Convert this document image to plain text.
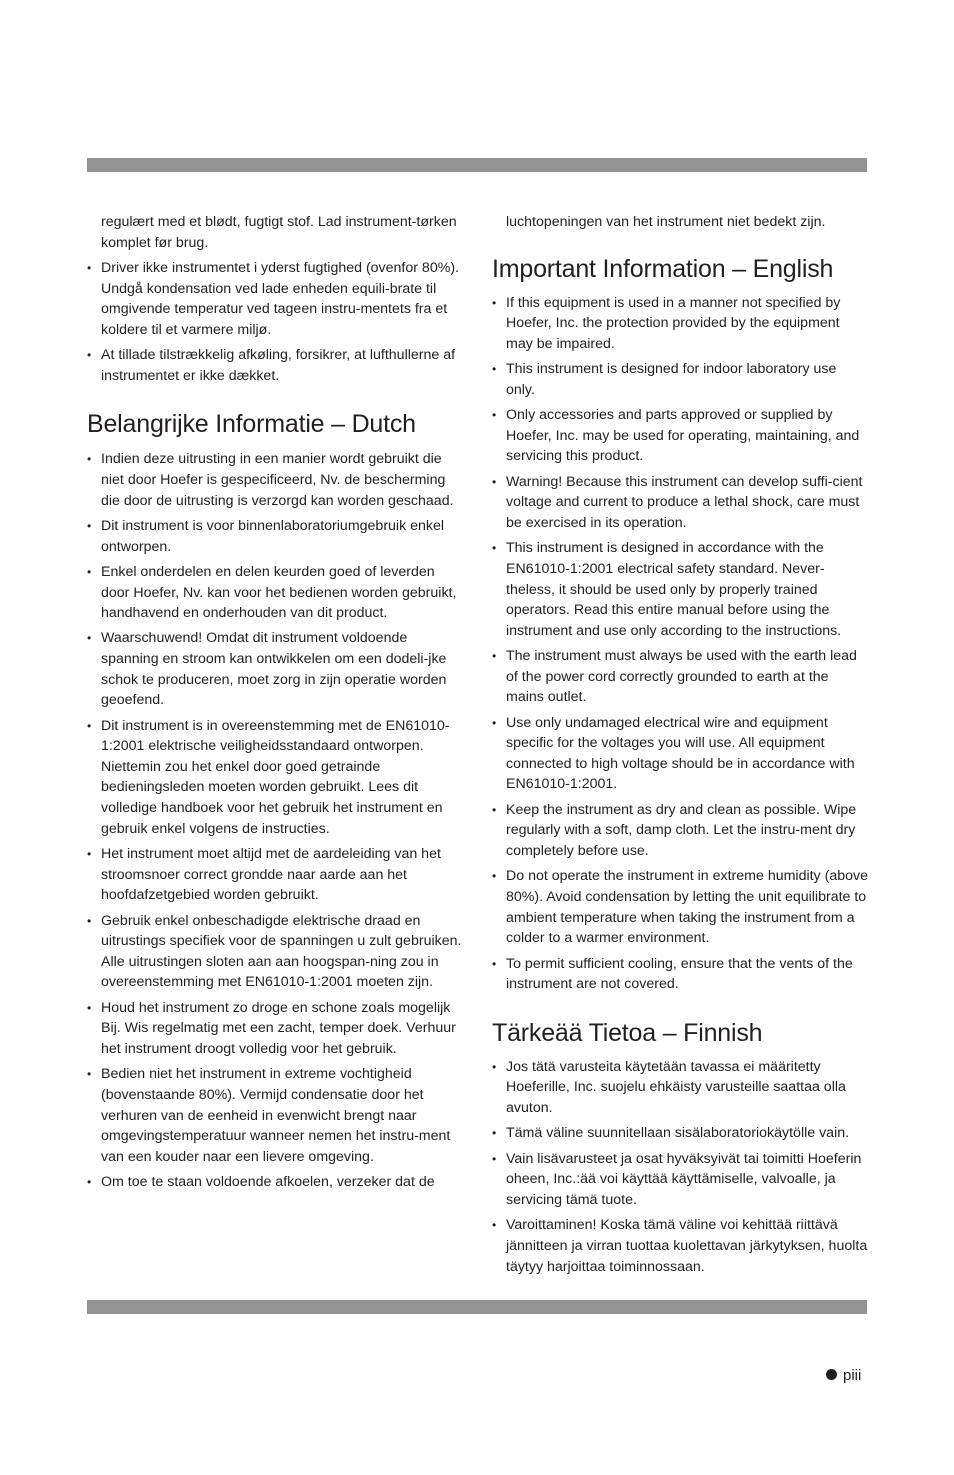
regulært med et blødt, fugtigt stof. Lad instrument-tørken komplet før brug.

• Driver ikke instrumentet i yderst fugtighed (ovenfor 80%). Undgå kondensation ved lade enheden equili-brate til omgivende temperatur ved tageen instru-mentets fra et koldere til et varmere miljø.
• At tillade tilstrækkelig afkøling, forsikrer, at lufthullerne af instrumentet er ikke dækket.
Belangrijke Informatie – Dutch
• Indien deze uitrusting in een manier wordt gebruikt die niet door Hoefer is gespecificeerd, Nv. de bescherming die door de uitrusting is verzorgd kan worden geschaad.
• Dit instrument is voor binnenlaboratoriumgebruik enkel ontworpen.
• Enkel onderdelen en delen keurden goed of leverden door Hoefer, Nv. kan voor het bedienen worden gebruikt, handhavend en onderhouden van dit product.
• Waarschuwend! Omdat dit instrument voldoende spanning en stroom kan ontwikkelen om een dodeli-jke schok te produceren, moet zorg in zijn operatie worden geoefend.
• Dit instrument is in overeenstemming met de EN61010-1:2001 elektrische veiligheidsstandaard ontworpen. Niettemin zou het enkel door goed getrainde bedieningsleden moeten worden gebruikt. Lees dit volledige handboek voor het gebruik het instrument en gebruik enkel volgens de instructies.
• Het instrument moet altijd met de aardeleiding van het stroomsnoer correct grondde naar aarde aan het hoofdafzetgebied worden gebruikt.
• Gebruik enkel onbeschadigde elektrische draad en uitrustings specifiek voor de spanningen u zult gebruiken. Alle uitrustingen sloten aan aan hoogspan-ning zou in overeenstemming met EN61010-1:2001 moeten zijn.
• Houd het instrument zo droge en schone zoals mogelijk Bij. Wis regelmatig met een zacht, temper doek. Verhuur het instrument droogt volledig voor het gebruik.
• Bedien niet het instrument in extreme vochtigheid (bovenstaande 80%). Vermijd condensatie door het verhuren van de eenheid in evenwicht brengt naar omgevingstemperatuur wanneer nemen het instru-ment van een kouder naar een lievere omgeving.
• Om toe te staan voldoende afkoelen, verzeker dat de

luchtopeningen van het instrument niet bedekt zijn.

Important Information – English
• If this equipment is used in a manner not specified by Hoefer, Inc. the protection provided by the equipment may be impaired.
• This instrument is designed for indoor laboratory use only.
• Only accessories and parts approved or supplied by Hoefer, Inc. may be used for operating, maintaining, and servicing this product.
• Warning! Because this instrument can develop suffi-cient voltage and current to produce a lethal shock, care must be exercised in its operation.
• This instrument is designed in accordance with the EN61010-1:2001 electrical safety standard. Never-theless, it should be used only by properly trained operators. Read this entire manual before using the instrument and use only according to the instructions.
• The instrument must always be used with the earth lead of the power cord correctly grounded to earth at the mains outlet.
• Use only undamaged electrical wire and equipment specific for the voltages you will use. All equipment connected to high voltage should be in accordance with EN61010-1:2001.
• Keep the instrument as dry and clean as possible. Wipe regularly with a soft, damp cloth. Let the instru-ment dry completely before use.
• Do not operate the instrument in extreme humidity (above 80%). Avoid condensation by letting the unit equilibrate to ambient temperature when taking the instrument from a colder to a warmer environment.
• To permit sufficient cooling, ensure that the vents of the instrument are not covered.
Tärkeää Tietoa – Finnish
• Jos tätä varusteita käytetään tavassa ei määritetty Hoeferille, Inc. suojelu ehkäisty varusteille saattaa olla avuton.
• Tämä väline suunnitellaan sisälaboratoriokäytölle vain.
• Vain lisävarusteet ja osat hyväksyivät tai toimitti Hoeferin oheen, Inc.:ää voi käyttää käyttämiselle, valvoalle, ja servicing tämä tuote.
• Varoittaminen! Koska tämä väline voi kehittää riittävä jännitteen ja virran tuottaa kuolettavan järkytyksen, huolta täytyy harjoittaa toiminnossaan.
piii
